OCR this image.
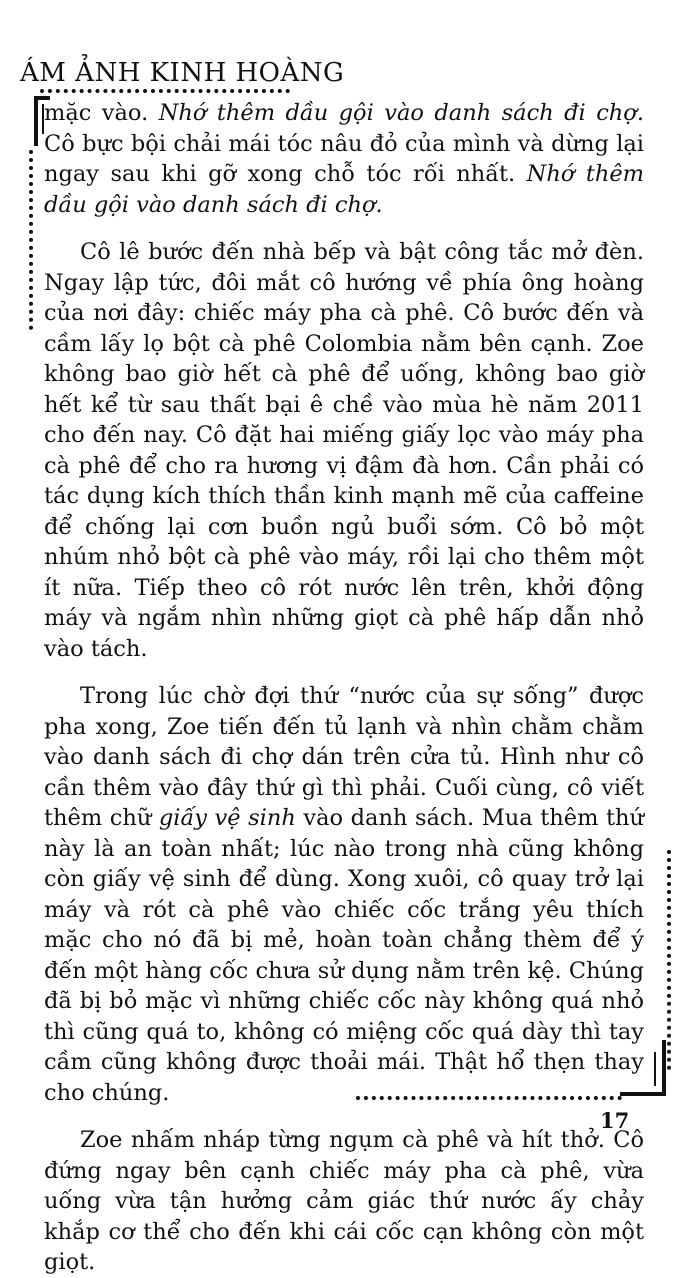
ÁM ẢNH KINH HOÀNG

mặc vào. Nhớ thêm dầu gội vào danh sách đi chợ. Cô bực bội chải mái tóc nâu đỏ của mình và dừng lại ngay sau khi gỡ xong chỗ tóc rối nhất. Nhớ thêm dầu gội vào danh sách đi chợ.

Cô lê bước đến nhà bếp và bật công tắc mở đèn. Ngay lập tức, đôi mắt cô hướng về phía ông hoàng của nơi đây: chiếc máy pha cà phê. Cô bước đến và cầm lấy lọ bột cà phê Colombia nằm bên cạnh. Zoe không bao giờ hết cà phê để uống, không bao giờ hết kể từ sau thất bại ê chề vào mùa hè năm 2011 cho đến nay. Cô đặt hai miếng giấy lọc vào máy pha cà phê để cho ra hương vị đậm đà hơn. Cần phải có tác dụng kích thích thần kinh mạnh mẽ của caffeine để chống lại cơn buồn ngủ buổi sớm. Cô bỏ một nhúm nhỏ bột cà phê vào máy, rồi lại cho thêm một ít nữa. Tiếp theo cô rót nước lên trên, khởi động máy và ngắm nhìn những giọt cà phê hấp dẫn nhỏ vào tách.

Trong lúc chờ đợi thứ “nước của sự sống” được pha xong, Zoe tiến đến tủ lạnh và nhìn chằm chằm vào danh sách đi chợ dán trên cửa tủ. Hình như cô cần thêm vào đây thứ gì thì phải. Cuối cùng, cô viết thêm chữ giấy vệ sinh vào danh sách. Mua thêm thứ này là an toàn nhất; lúc nào trong nhà cũng không còn giấy vệ sinh để dùng. Xong xuôi, cô quay trở lại máy và rót cà phê vào chiếc cốc trắng yêu thích mặc cho nó đã bị mẻ, hoàn toàn chẳng thèm để ý đến một hàng cốc chưa sử dụng nằm trên kệ. Chúng đã bị bỏ mặc vì những chiếc cốc này không quá nhỏ thì cũng quá to, không có miệng cốc quá dày thì tay cầm cũng không được thoải mái. Thật hổ thẹn thay cho chúng.

Zoe nhấm nháp từng ngụm cà phê và hít thở. Cô đứng ngay bên cạnh chiếc máy pha cà phê, vừa uống vừa tận hưởng cảm giác thứ nước ấy chảy khắp cơ thể cho đến khi cái cốc cạn không còn một giọt.

17
